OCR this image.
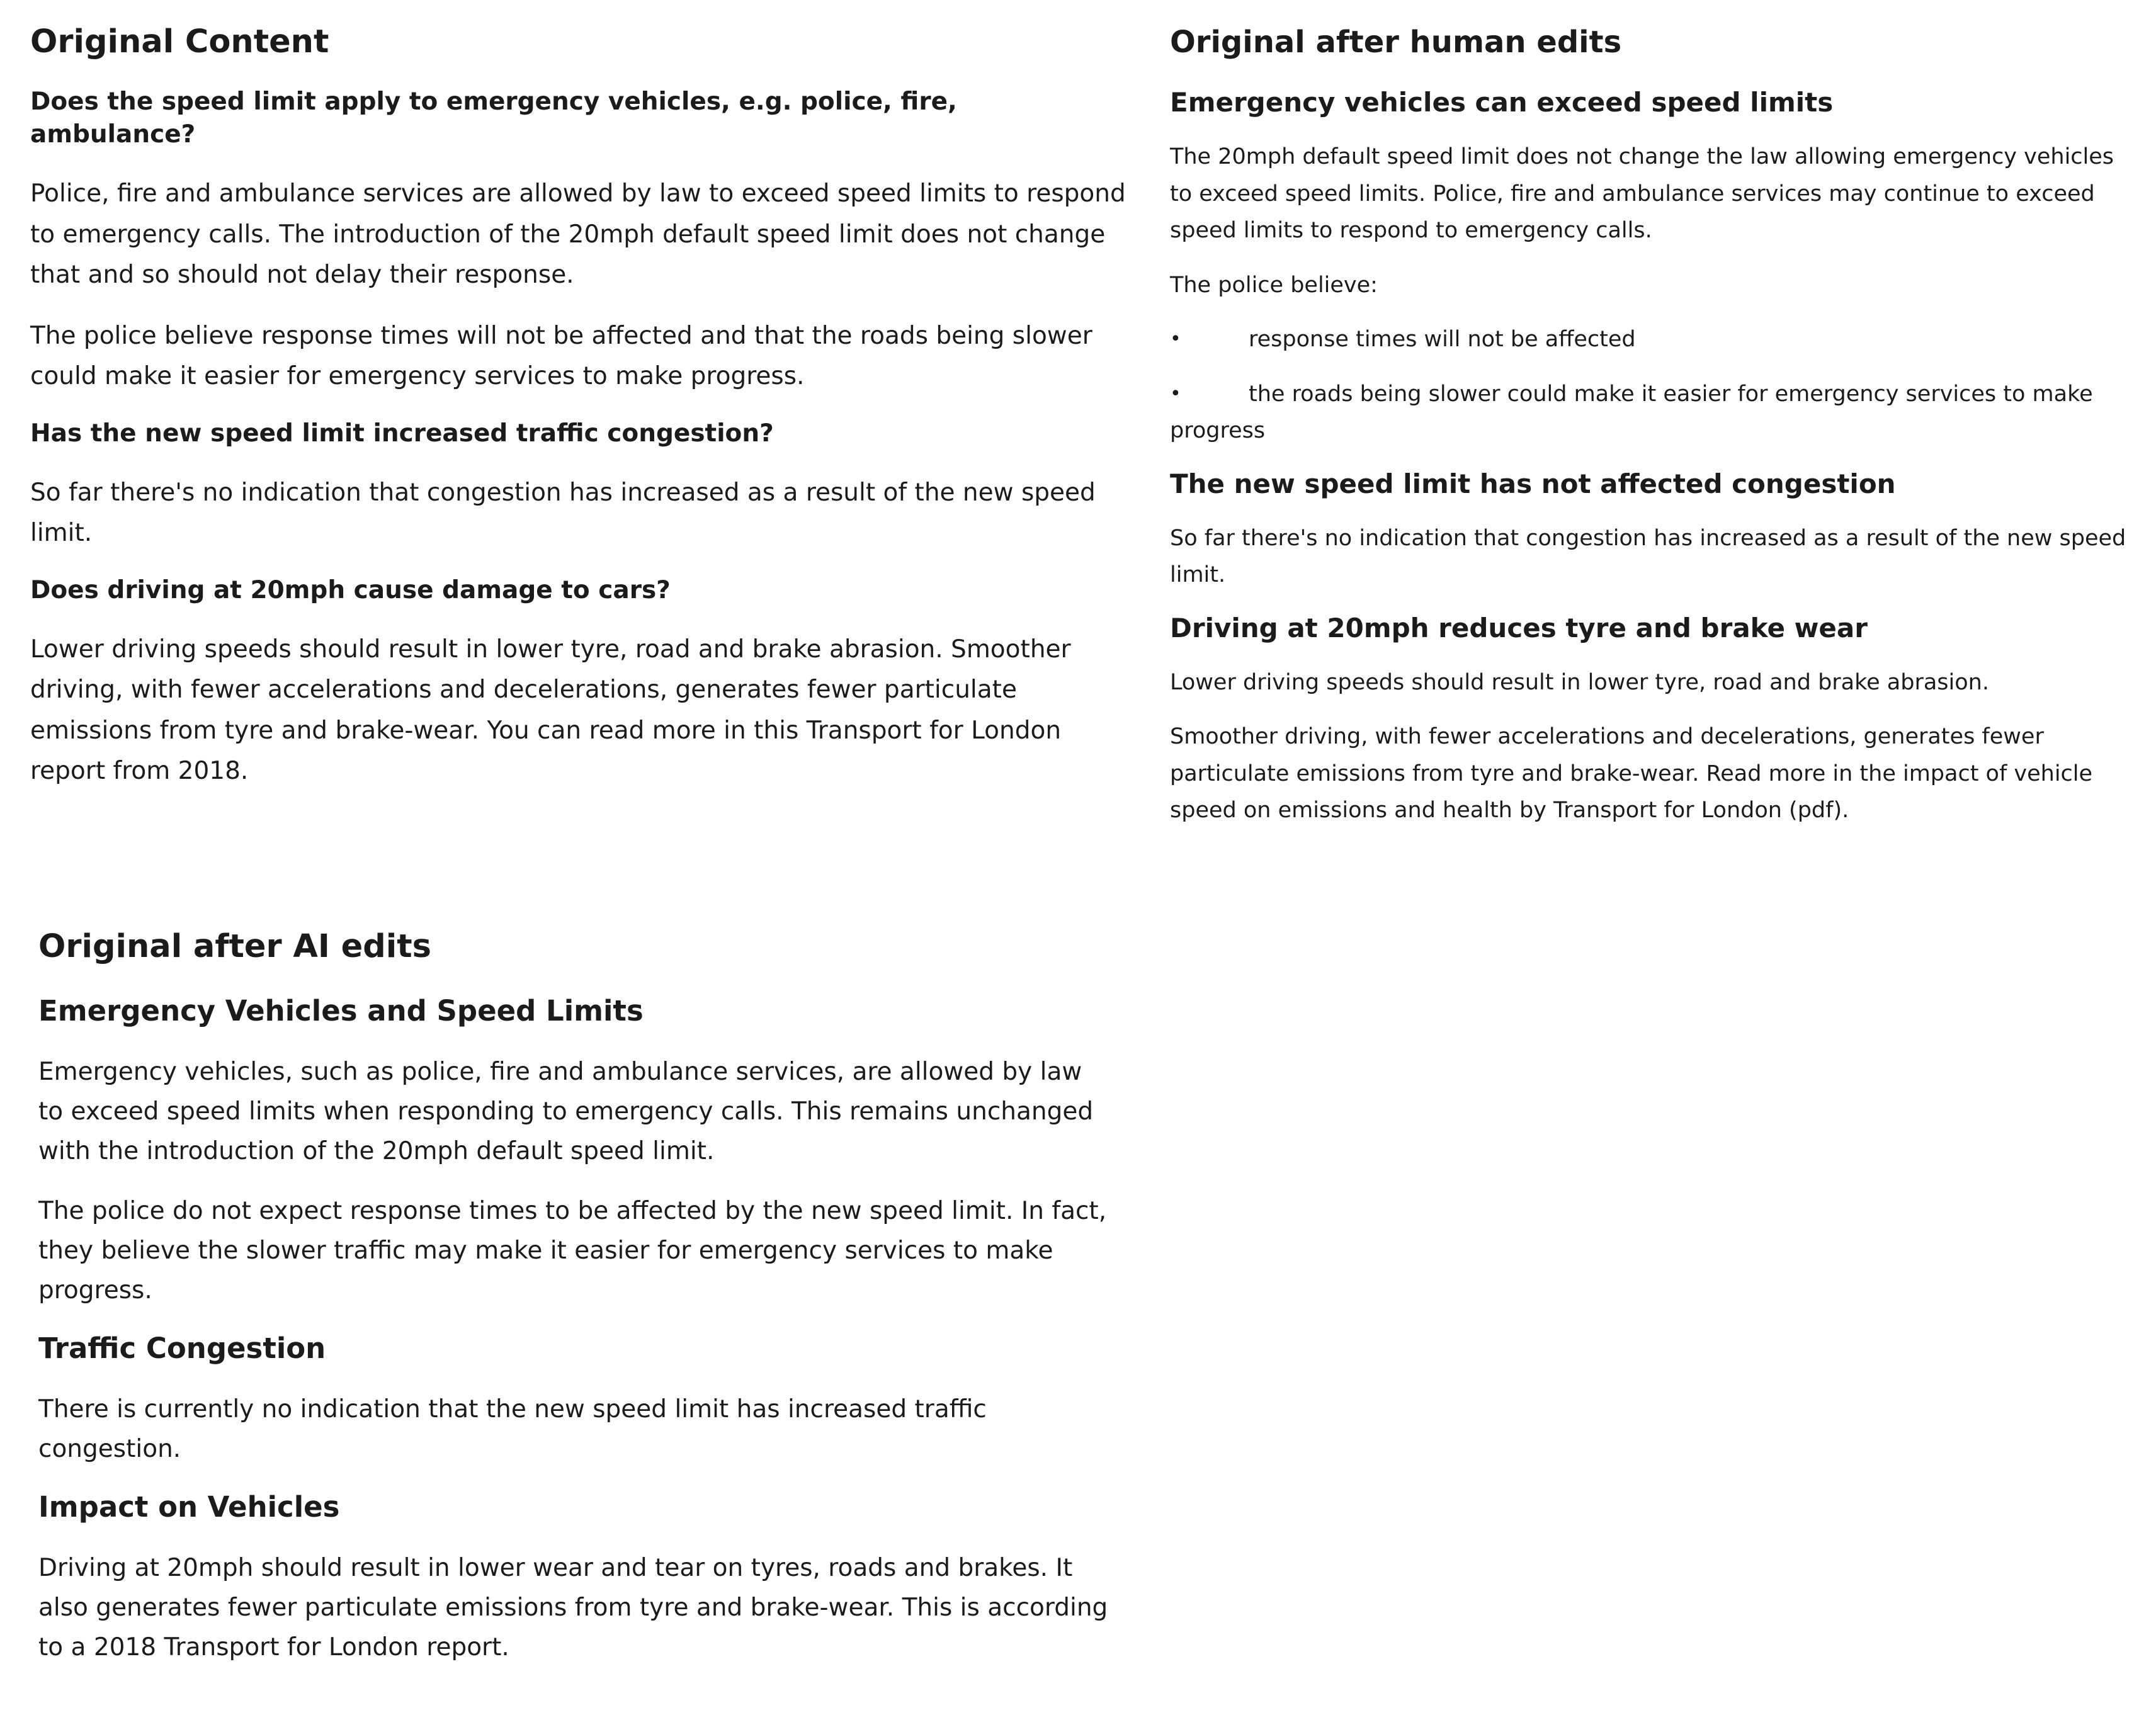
Original Content
Does the speed limit apply to emergency vehicles, e.g. police, fire, ambulance?

Police, fire and ambulance services are allowed by law to exceed speed limits to respond to emergency calls. The introduction of the 20mph default speed limit does not change that and so should not delay their response.

The police believe response times will not be affected and that the roads being slower could make it easier for emergency services to make progress.

Has the new speed limit increased traffic congestion?

So far there's no indication that congestion has increased as a result of the new speed limit.

Does driving at 20mph cause damage to cars?

Lower driving speeds should result in lower tyre, road and brake abrasion. Smoother driving, with fewer accelerations and decelerations, generates fewer particulate emissions from tyre and brake-wear. You can read more in this Transport for London report from 2018.

Original after human edits
Emergency vehicles can exceed speed limits

The 20mph default speed limit does not change the law allowing emergency vehicles to exceed speed limits. Police, fire and ambulance services may continue to exceed speed limits to respond to emergency calls.

The police believe:

•	response times will not be affected
•	the roads being slower could make it easier for emergency services to make progress
The new speed limit has not affected congestion

So far there's no indication that congestion has increased as a result of the new speed limit.

Driving at 20mph reduces tyre and brake wear

Lower driving speeds should result in lower tyre, road and brake abrasion.

Smoother driving, with fewer accelerations and decelerations, generates fewer particulate emissions from tyre and brake-wear. Read more in the impact of vehicle speed on emissions and health by Transport for London (pdf).

Original after AI edits
Emergency Vehicles and Speed Limits

Emergency vehicles, such as police, fire and ambulance services, are allowed by law to exceed speed limits when responding to emergency calls. This remains unchanged with the introduction of the 20mph default speed limit.

The police do not expect response times to be affected by the new speed limit. In fact, they believe the slower traffic may make it easier for emergency services to make progress.

Traffic Congestion

There is currently no indication that the new speed limit has increased traffic congestion.

Impact on Vehicles

Driving at 20mph should result in lower wear and tear on tyres, roads and brakes. It also generates fewer particulate emissions from tyre and brake-wear. This is according to a 2018 Transport for London report.
